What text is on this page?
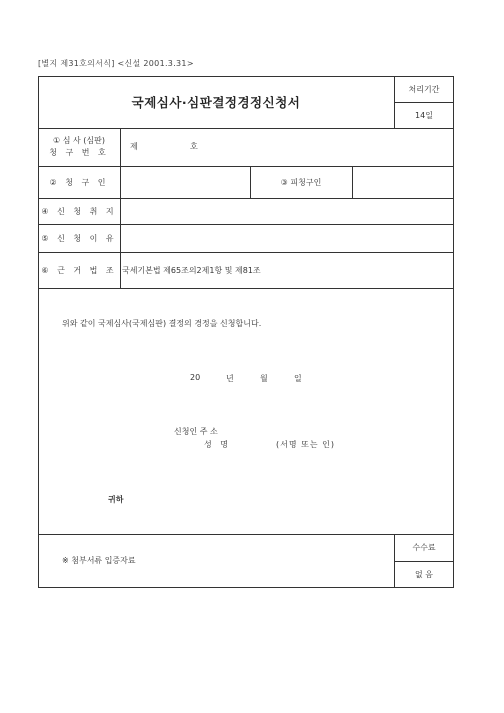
[별지 제31호의서식] <신설 2001.3.31>
국제심사·심판결정경정신청서
처리기간
14일
① 심 사 (심판)
청 구 번 호
제	호
② 청 구 인	③ 피청구인
④ 신 청 취 지
⑤ 신 청 이 유
⑥ 근 거 법 조 국세기본법 제65조의2제1항 및 제81조
위와 같이 국제심사(국제심판) 결정의 경정을 신청합니다.
20	년	월	일
신청인 주 소
성 명	(서명 또는 인)
귀하
※ 첨부서류 입증자료
수수료
없 음
